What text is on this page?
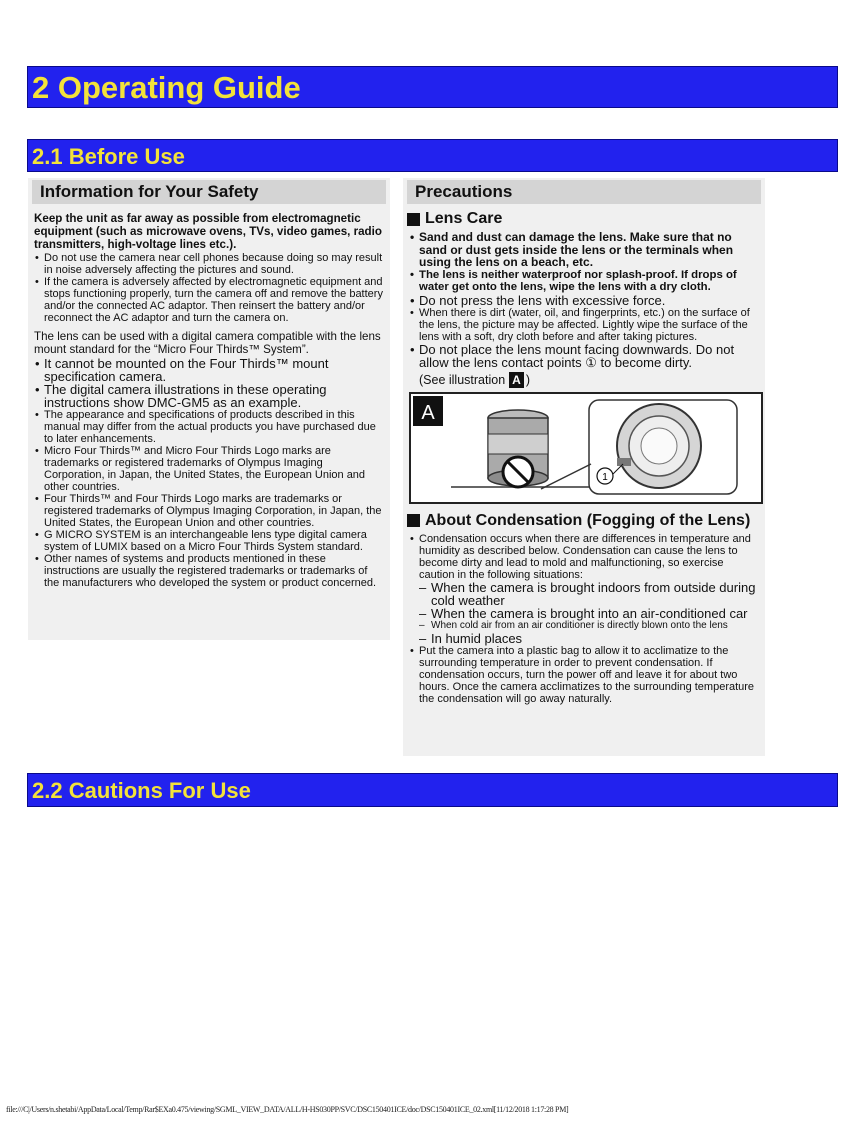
2 Operating Guide
2.1 Before Use
Information for Your Safety
Keep the unit as far away as possible from electromagnetic equipment (such as microwave ovens, TVs, video games, radio transmitters, high-voltage lines etc.).
• Do not use the camera near cell phones because doing so may result in noise adversely affecting the pictures and sound.
• If the camera is adversely affected by electromagnetic equipment and stops functioning properly, turn the camera off and remove the battery and/or the connected AC adaptor. Then reinsert the battery and/or reconnect the AC adaptor and turn the camera on.
The lens can be used with a digital camera compatible with the lens mount standard for the “Micro Four Thirds™ System”.
• It cannot be mounted on the Four Thirds™ mount specification camera.
• The digital camera illustrations in these operating instructions show DMC-GM5 as an example.
• The appearance and specifications of products described in this manual may differ from the actual products you have purchased due to later enhancements.
• Micro Four Thirds™ and Micro Four Thirds Logo marks are trademarks or registered trademarks of Olympus Imaging Corporation, in Japan, the United States, the European Union and other countries.
• Four Thirds™ and Four Thirds Logo marks are trademarks or registered trademarks of Olympus Imaging Corporation, in Japan, the United States, the European Union and other countries.
• G MICRO SYSTEM is an interchangeable lens type digital camera system of LUMIX based on a Micro Four Thirds System standard.
• Other names of systems and products mentioned in these instructions are usually the registered trademarks or trademarks of the manufacturers who developed the system or product concerned.
Precautions
Lens Care
• Sand and dust can damage the lens. Make sure that no sand or dust gets inside the lens or the terminals when using the lens on a beach, etc.
• The lens is neither waterproof nor splash-proof. If drops of water get onto the lens, wipe the lens with a dry cloth.
• Do not press the lens with excessive force.
• When there is dirt (water, oil, and fingerprints, etc.) on the surface of the lens, the picture may be affected. Lightly wipe the surface of the lens with a soft, dry cloth before and after taking pictures.
• Do not place the lens mount facing downwards. Do not allow the lens contact points ① to become dirty.
(See illustration A )
A
1
About Condensation (Fogging of the Lens)
• Condensation occurs when there are differences in temperature and humidity as described below. Condensation can cause the lens to become dirty and lead to mold and malfunctioning, so exercise caution in the following situations:
– When the camera is brought indoors from outside during cold weather
– When the camera is brought into an air-conditioned car
– When cold air from an air conditioner is directly blown onto the lens
– In humid places
• Put the camera into a plastic bag to allow it to acclimatize to the surrounding temperature in order to prevent condensation. If condensation occurs, turn the power off and leave it for about two hours. Once the camera acclimatizes to the surrounding temperature the condensation will go away naturally.
2.2 Cautions For Use
file:///C|/Users/n.shetabi/AppData/Local/Temp/Rar$EXa0.475/viewing/SGML_VIEW_DATA/ALL/H-HS030PP/SVC/DSC150401ICE/doc/DSC150401ICE_02.xml[11/12/2018 1:17:28 PM]
